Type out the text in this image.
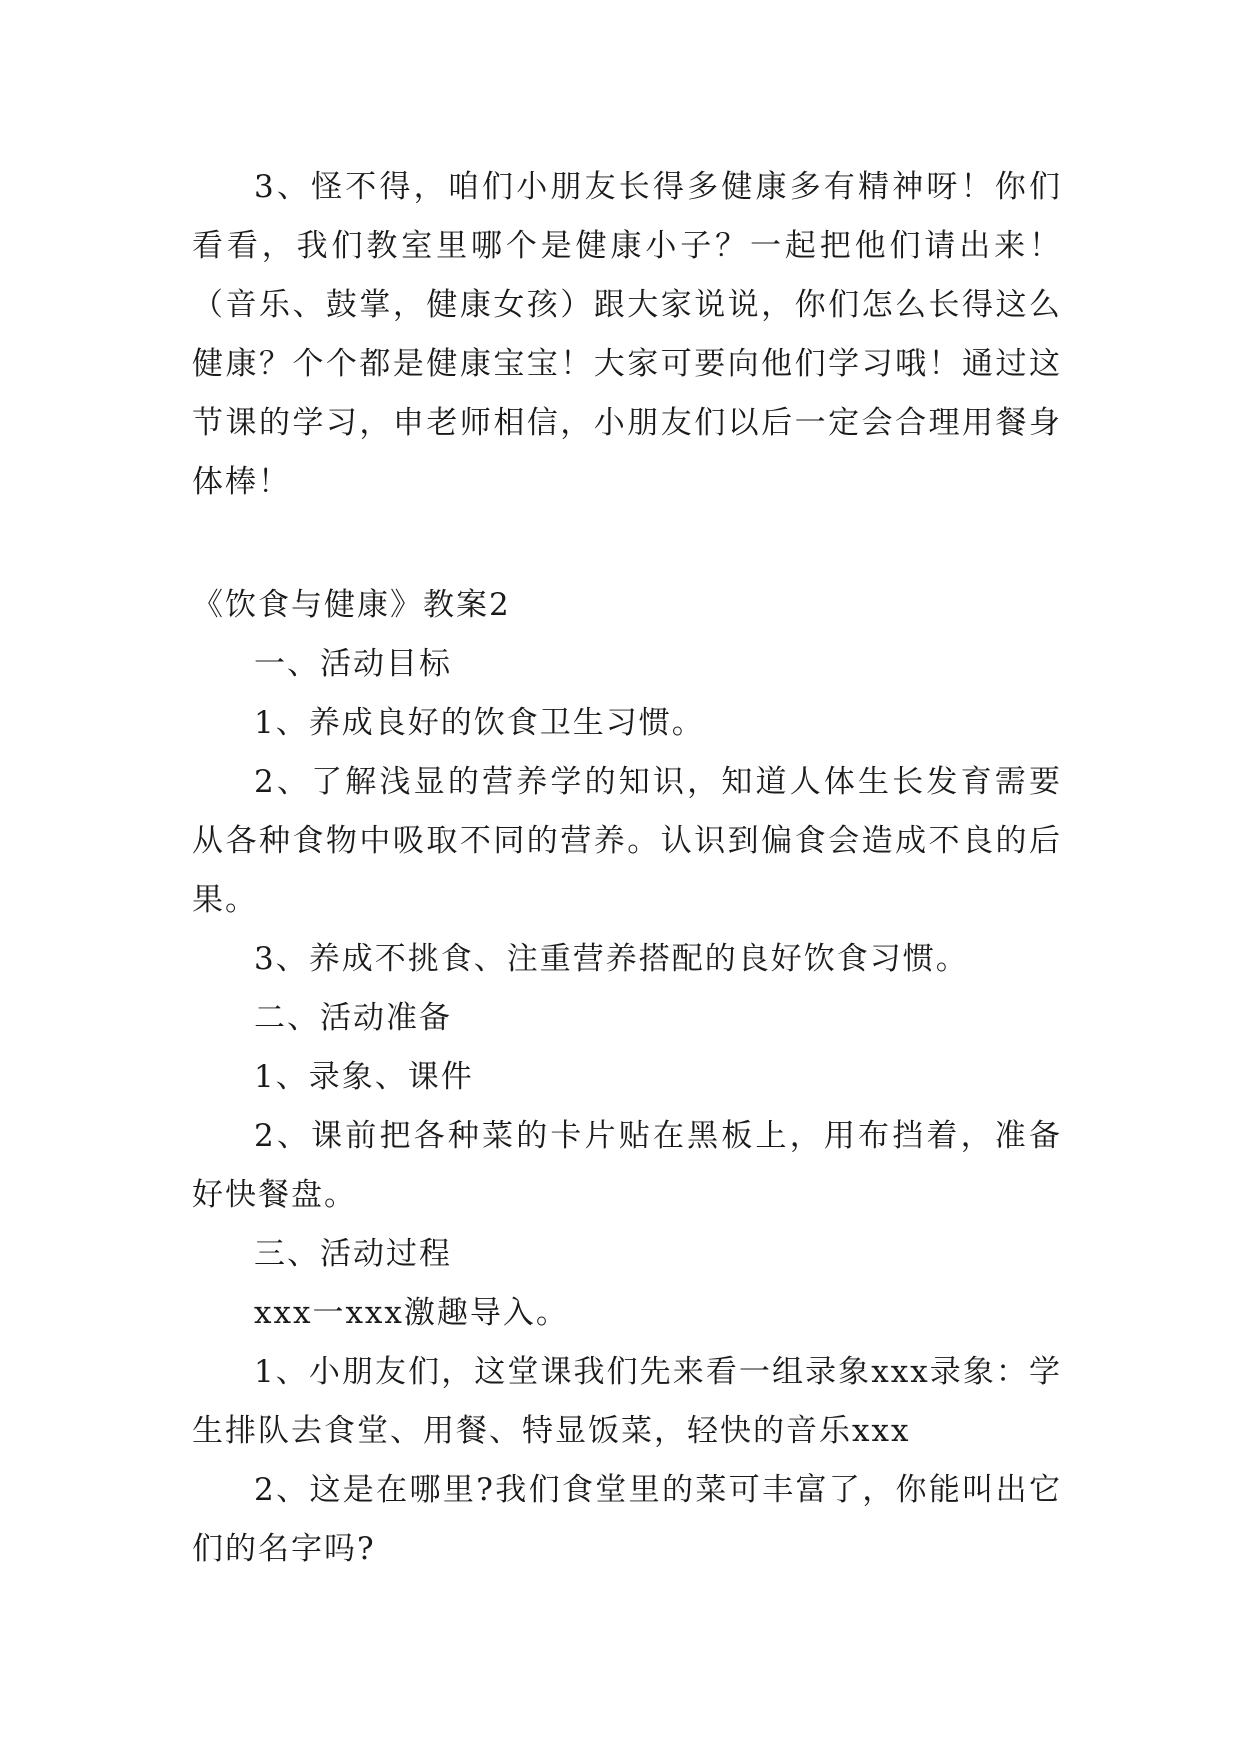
3、怪不得，咱们小朋友长得多健康多有精神呀！你们看看，我们教室里哪个是健康小子？一起把他们请出来！（音乐、鼓掌，健康女孩）跟大家说说，你们怎么长得这么健康？个个都是健康宝宝！大家可要向他们学习哦！通过这节课的学习，申老师相信，小朋友们以后一定会合理用餐身体棒！

《饮食与健康》教案2

一、活动目标

1、养成良好的饮食卫生习惯。

2、了解浅显的营养学的知识，知道人体生长发育需要从各种食物中吸取不同的营养。认识到偏食会造成不良的后果。

3、养成不挑食、注重营养搭配的良好饮食习惯。

二、活动准备

1、录象、课件

2、课前把各种菜的卡片贴在黑板上，用布挡着，准备好快餐盘。

三、活动过程

xxx一xxx激趣导入。

1、小朋友们，这堂课我们先来看一组录象xxx录象：学生排队去食堂、用餐、特显饭菜，轻快的音乐xxx

2、这是在哪里?我们食堂里的菜可丰富了，你能叫出它们的名字吗?
